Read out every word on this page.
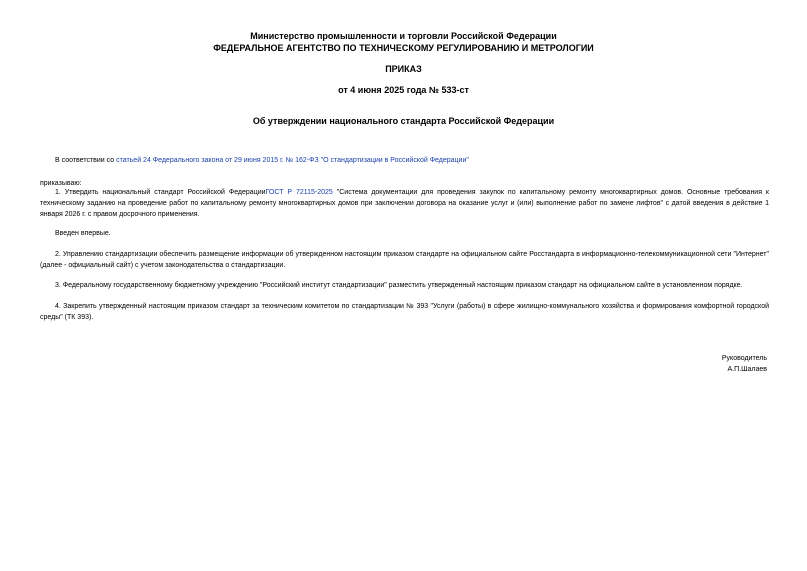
Министерство промышленности и торговли Российской Федерации
ФЕДЕРАЛЬНОЕ АГЕНТСТВО ПО ТЕХНИЧЕСКОМУ РЕГУЛИРОВАНИЮ И МЕТРОЛОГИИ
ПРИКАЗ
от 4 июня 2025 года № 533-ст
Об утверждении национального стандарта Российской Федерации
В соответствии со статьей 24 Федерального закона от 29 июня 2015 г. № 162-ФЗ "О стандартизации в Российской Федерации"
приказываю:
1. Утвердить национальный стандарт Российской ФедерацииГОСТ Р 72115-2025 "Система документации для проведения закупок по капитальному ремонту многоквартирных домов. Основные требования к техническому заданию на проведение работ по капитальному ремонту многоквартирных домов при заключении договора на оказание услуг и (или) выполнение работ по замене лифтов" с датой введения в действие 1 января 2026 г. с правом досрочного применения.
Введен впервые.
2. Управлению стандартизации обеспечить размещение информации об утвержденном настоящим приказом стандарте на официальном сайте Росстандарта в информационно-телекоммуникационной сети "Интернет" (далее - официальный сайт) с учетом законодательства о стандартизации.
3. Федеральному государственному бюджетному учреждению "Российский институт стандартизации" разместить утвержденный настоящим приказом стандарт на официальном сайте в установленном порядке.
4. Закрепить утвержденный настоящим приказом стандарт за техническим комитетом по стандартизации № 393 "Услуги (работы) в сфере жилищно-коммунального хозяйства и формирования комфортной городской среды" (ТК 393).
Руководитель
А.П.Шалаев
